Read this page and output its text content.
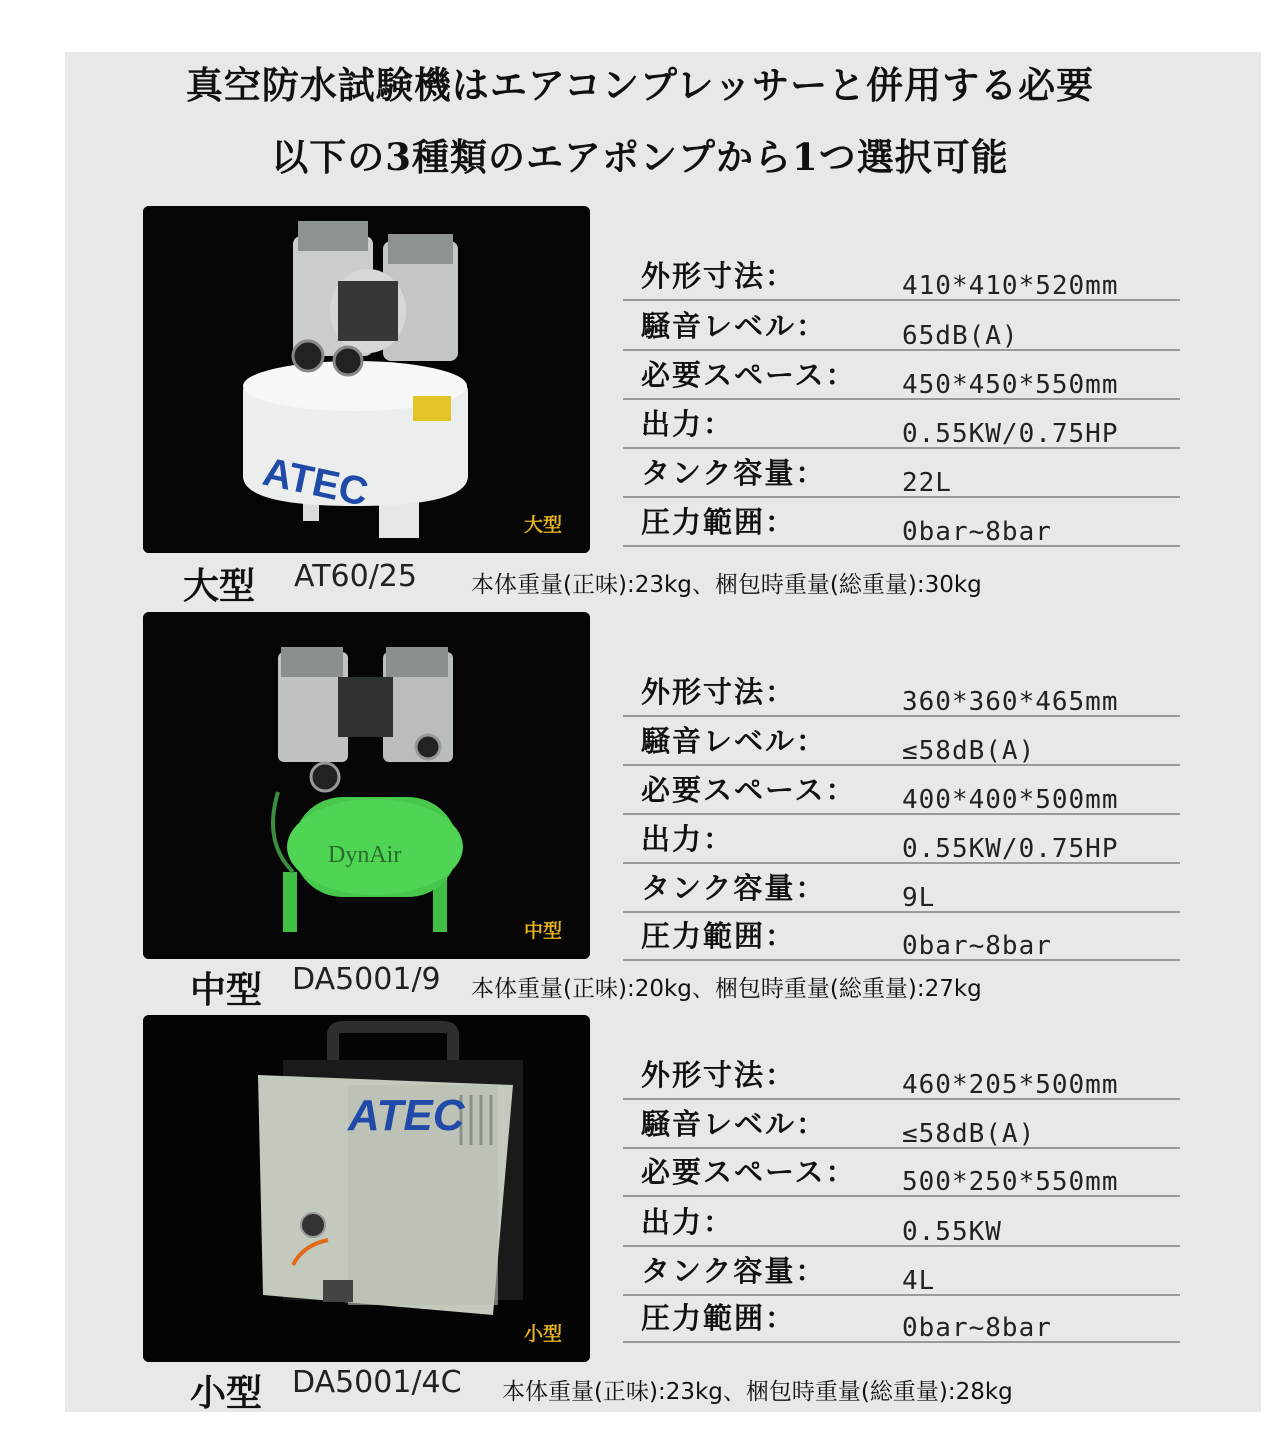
真空防水試験機はエアコンプレッサーと併用する必要
以下の3種類のエアポンプから1つ選択可能
ATEC
大型
外形寸法：	410*410*520mm
騒音レベル：	65dB(A)
必要スペース： 450*450*550mm
出力：	0.55KW/0.75HP
タンク容量：	22L
圧力範囲：	0bar~8bar
大型 AT60/25 本体重量(正味):23kg、梱包時重量(総重量):30kg
DynAir
中型
外形寸法：	360*360*465mm
騒音レベル：	≤58dB(A)
必要スペース： 400*400*500mm
出力：	0.55KW/0.75HP
タンク容量：	9L
圧力範囲：	0bar~8bar
中型 DA5001/9 本体重量(正味):20kg、梱包時重量(総重量):27kg
ATEC
小型
外形寸法：	460*205*500mm
騒音レベル：	≤58dB(A)
必要スペース： 500*250*550mm
出力：	0.55KW
タンク容量：	4L
圧力範囲：	0bar~8bar
小型 DA5001/4C 本体重量(正味):23kg、梱包時重量(総重量):28kg
